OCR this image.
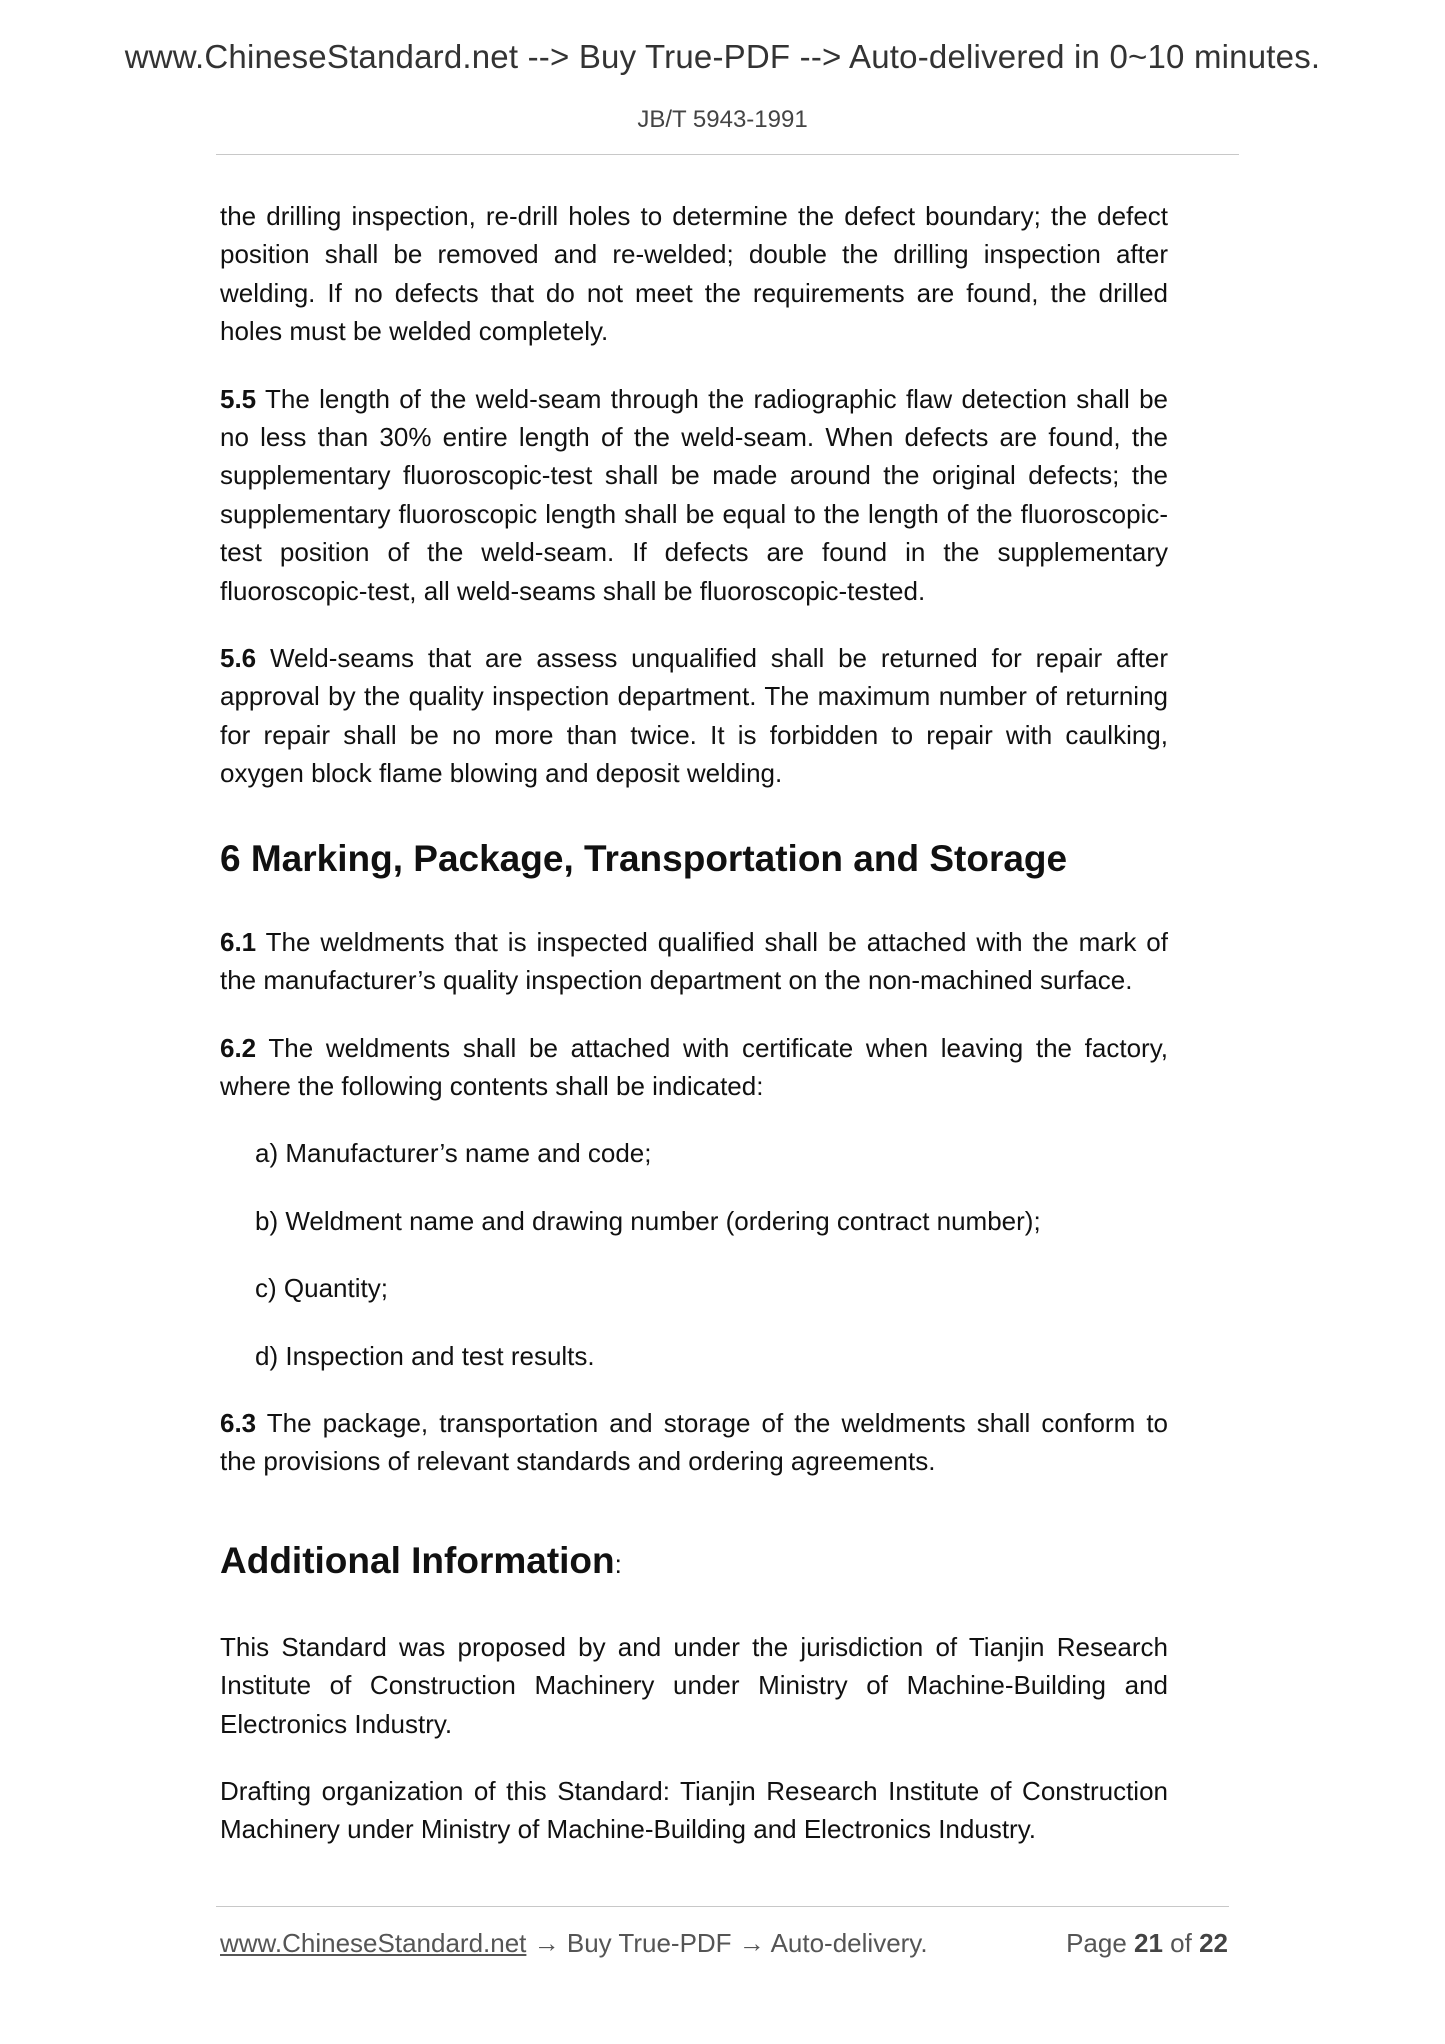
www.ChineseStandard.net --> Buy True-PDF --> Auto-delivered in 0~10 minutes.
JB/T 5943-1991

the drilling inspection, re-drill holes to determine the defect boundary; the defect position shall be removed and re-welded; double the drilling inspection after welding. If no defects that do not meet the requirements are found, the drilled holes must be welded completely.

5.5 The length of the weld-seam through the radiographic flaw detection shall be no less than 30% entire length of the weld-seam. When defects are found, the supplementary fluoroscopic-test shall be made around the original defects; the supplementary fluoroscopic length shall be equal to the length of the fluoroscopic-test position of the weld-seam. If defects are found in the supplementary fluoroscopic-test, all weld-seams shall be fluoroscopic-tested.

5.6 Weld-seams that are assess unqualified shall be returned for repair after approval by the quality inspection department. The maximum number of returning for repair shall be no more than twice. It is forbidden to repair with caulking, oxygen block flame blowing and deposit welding.

6 Marking, Package, Transportation and Storage

6.1 The weldments that is inspected qualified shall be attached with the mark of the manufacturer’s quality inspection department on the non-machined surface.

6.2 The weldments shall be attached with certificate when leaving the factory, where the following contents shall be indicated:

a) Manufacturer’s name and code;

b) Weldment name and drawing number (ordering contract number);

c) Quantity;

d) Inspection and test results.

6.3 The package, transportation and storage of the weldments shall conform to the provisions of relevant standards and ordering agreements.

Additional Information:

This Standard was proposed by and under the jurisdiction of Tianjin Research Institute of Construction Machinery under Ministry of Machine-Building and Electronics Industry.

Drafting organization of this Standard: Tianjin Research Institute of Construction Machinery under Ministry of Machine-Building and Electronics Industry.

www.ChineseStandard.net → Buy True-PDF → Auto-delivery.	Page 21 of 22
